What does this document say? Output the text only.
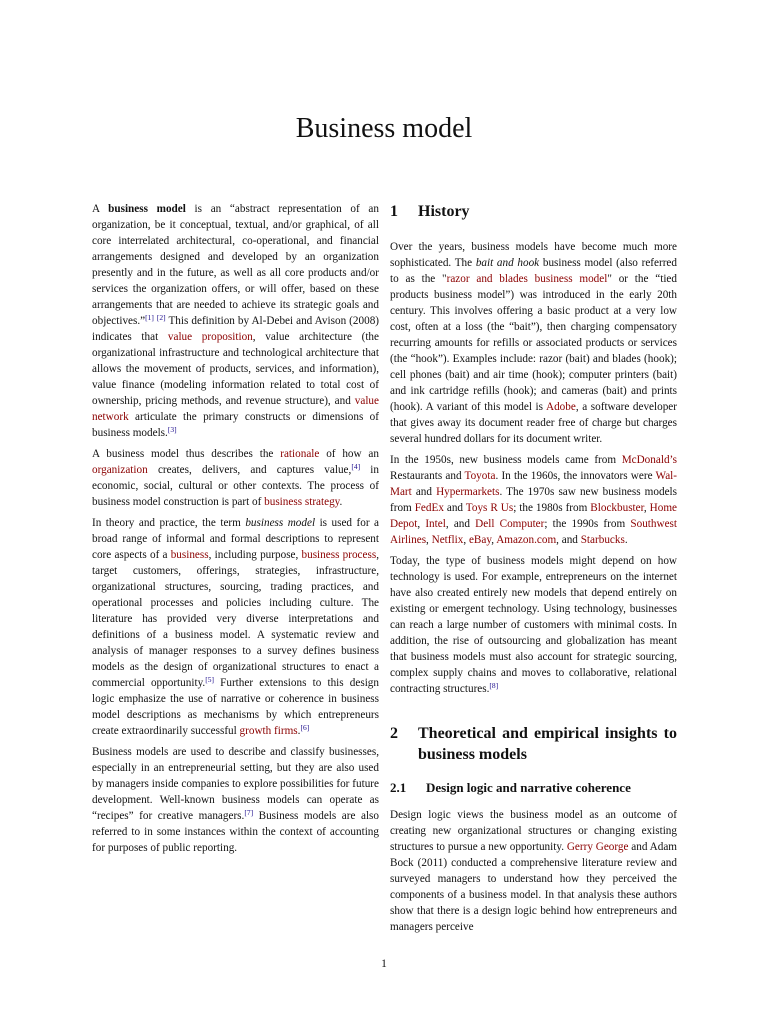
Business model

A business model is an “abstract representation of an organization, be it conceptual, textual, and/or graphical, of all core interrelated architectural, co-operational, and financial arrangements designed and developed by an organization presently and in the future, as well as all core products and/or services the organization offers, or will offer, based on these arrangements that are needed to achieve its strategic goals and objectives.”[1] [2] This definition by Al-Debei and Avison (2008) indicates that value proposition, value architecture (the organizational infrastructure and technological architecture that allows the movement of products, services, and information), value finance (modeling information related to total cost of ownership, pricing methods, and revenue structure), and value network articulate the primary constructs or dimensions of business models.[3]

A business model thus describes the rationale of how an organization creates, delivers, and captures value,[4] in economic, social, cultural or other contexts. The process of business model construction is part of business strategy.

In theory and practice, the term business model is used for a broad range of informal and formal descriptions to represent core aspects of a business, including purpose, business process, target customers, offerings, strategies, infrastructure, organizational structures, sourcing, trading practices, and operational processes and policies including culture. The literature has provided very diverse interpretations and definitions of a business model. A systematic review and analysis of manager responses to a survey defines business models as the design of organizational structures to enact a commercial opportunity.[5] Further extensions to this design logic emphasize the use of narrative or coherence in business model descriptions as mechanisms by which entrepreneurs create extraordinarily successful growth firms.[6]

Business models are used to describe and classify businesses, especially in an entrepreneurial setting, but they are also used by managers inside companies to explore possibilities for future development. Well-known business models can operate as “recipes” for creative managers.[7] Business models are also referred to in some instances within the context of accounting for purposes of public reporting.

1	History

Over the years, business models have become much more sophisticated. The bait and hook business model (also referred to as the "razor and blades business model" or the “tied products business model”) was introduced in the early 20th century. This involves offering a basic product at a very low cost, often at a loss (the “bait”), then charging compensatory recurring amounts for refills or associated products or services (the “hook”). Examples include: razor (bait) and blades (hook); cell phones (bait) and air time (hook); computer printers (bait) and ink cartridge refills (hook); and cameras (bait) and prints (hook). A variant of this model is Adobe, a software developer that gives away its document reader free of charge but charges several hundred dollars for its document writer.

In the 1950s, new business models came from McDonald’s Restaurants and Toyota. In the 1960s, the innovators were Wal-Mart and Hypermarkets. The 1970s saw new business models from FedEx and Toys R Us; the 1980s from Blockbuster, Home Depot, Intel, and Dell Computer; the 1990s from Southwest Airlines, Netflix, eBay, Amazon.com, and Starbucks.

Today, the type of business models might depend on how technology is used. For example, entrepreneurs on the internet have also created entirely new models that depend entirely on existing or emergent technology. Using technology, businesses can reach a large number of customers with minimal costs. In addition, the rise of outsourcing and globalization has meant that business models must also account for strategic sourcing, complex supply chains and moves to collaborative, relational contracting structures.[8]

2	Theoretical and empirical insights to business models
2.1	Design logic and narrative coherence

Design logic views the business model as an outcome of creating new organizational structures or changing existing structures to pursue a new opportunity. Gerry George and Adam Bock (2011) conducted a comprehensive literature review and surveyed managers to understand how they perceived the components of a business model. In that analysis these authors show that there is a design logic behind how entrepreneurs and managers perceive

1
